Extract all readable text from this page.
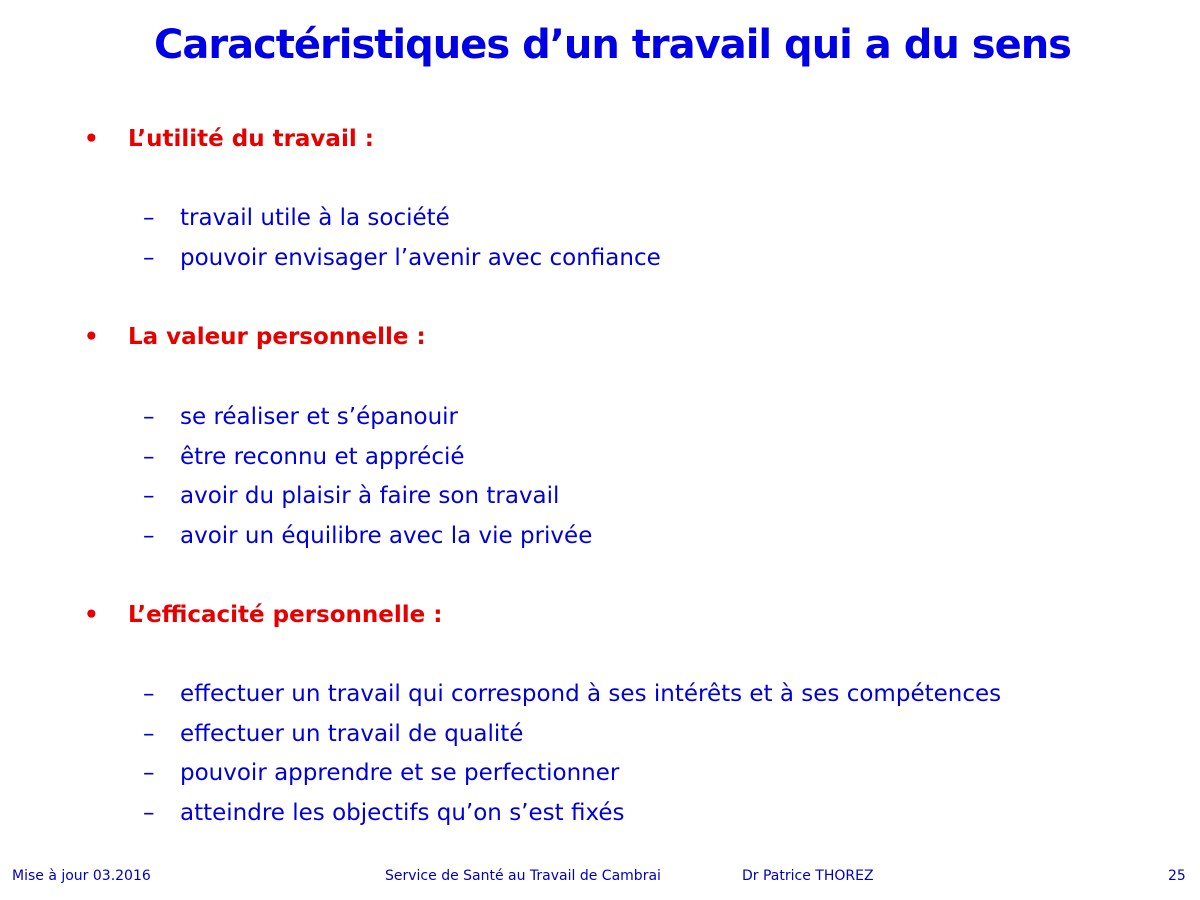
Caractéristiques d’un travail qui a du sens
• L’utilité du travail :
– travail utile à la société
– pouvoir envisager l’avenir avec confiance
• La valeur personnelle :
– se réaliser et s’épanouir
– être reconnu et apprécié
– avoir du plaisir à faire son travail
– avoir un équilibre avec la vie privée
• L’efficacité personnelle :
– effectuer un travail qui correspond à ses intérêts et à ses compétences
– effectuer un travail de qualité
– pouvoir apprendre et se perfectionner
– atteindre les objectifs qu’on s’est fixés
Mise à jour 03.2016	Service de Santé au Travail de Cambrai	Dr Patrice THOREZ	25
